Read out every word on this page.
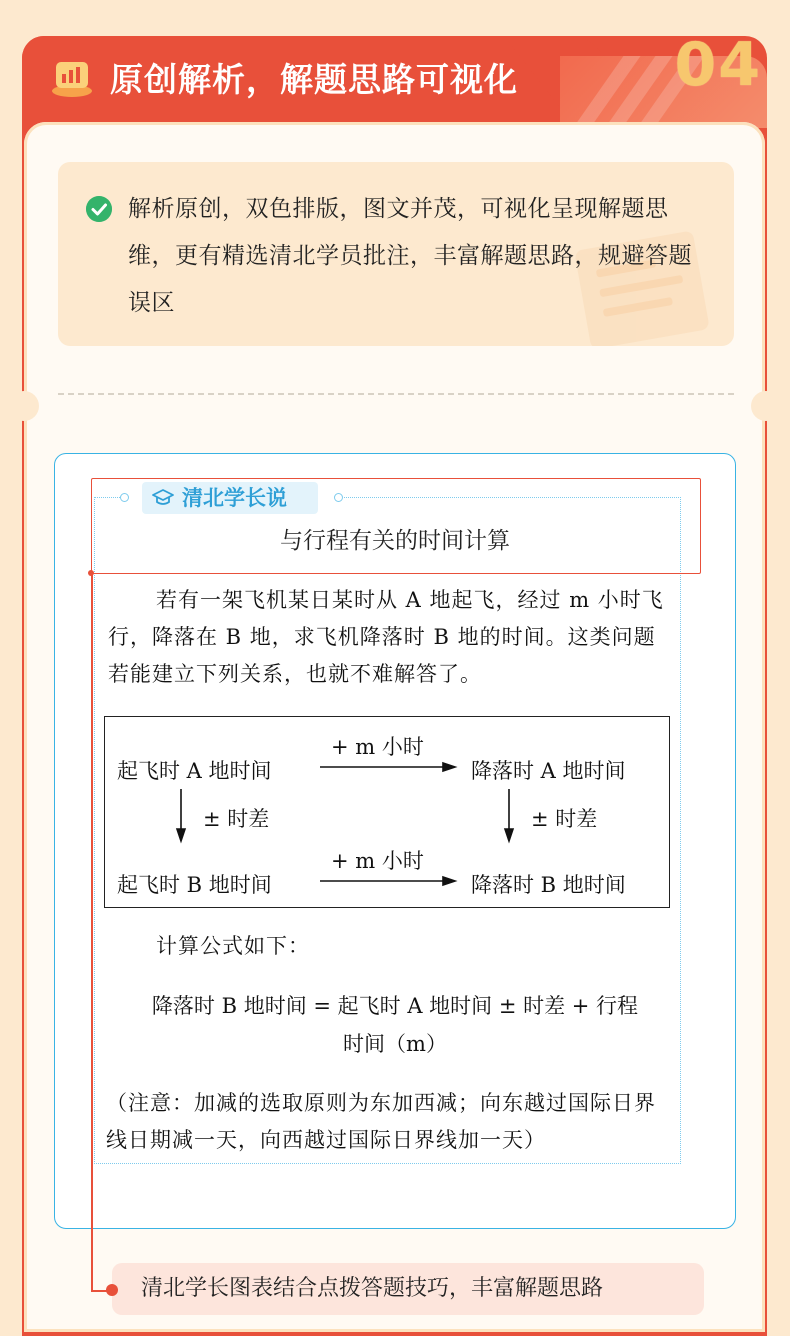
04
原创解析，解题思路可视化
解析原创，双色排版，图文并茂，可视化呈现解题思维，更有精选清北学员批注，丰富解题思路，规避答题误区
清北学长说
与行程有关的时间计算
若有一架飞机某日某时从 A 地起飞，经过 m 小时飞行，降落在 B 地，求飞机降落时 B 地的时间。这类问题若能建立下列关系，也就不难解答了。
起飞时 A 地时间	降落时 A 地时间
起飞时 B 地时间	降落时 B 地时间
+ m 小时
+ m 小时
± 时差	± 时差
计算公式如下：
降落时 B 地时间 = 起飞时 A 地时间 ± 时差 + 行程
时间（m）
（注意：加减的选取原则为东加西减；向东越过国际日界线日期减一天，向西越过国际日界线加一天）
清北学长图表结合点拨答题技巧，丰富解题思路
